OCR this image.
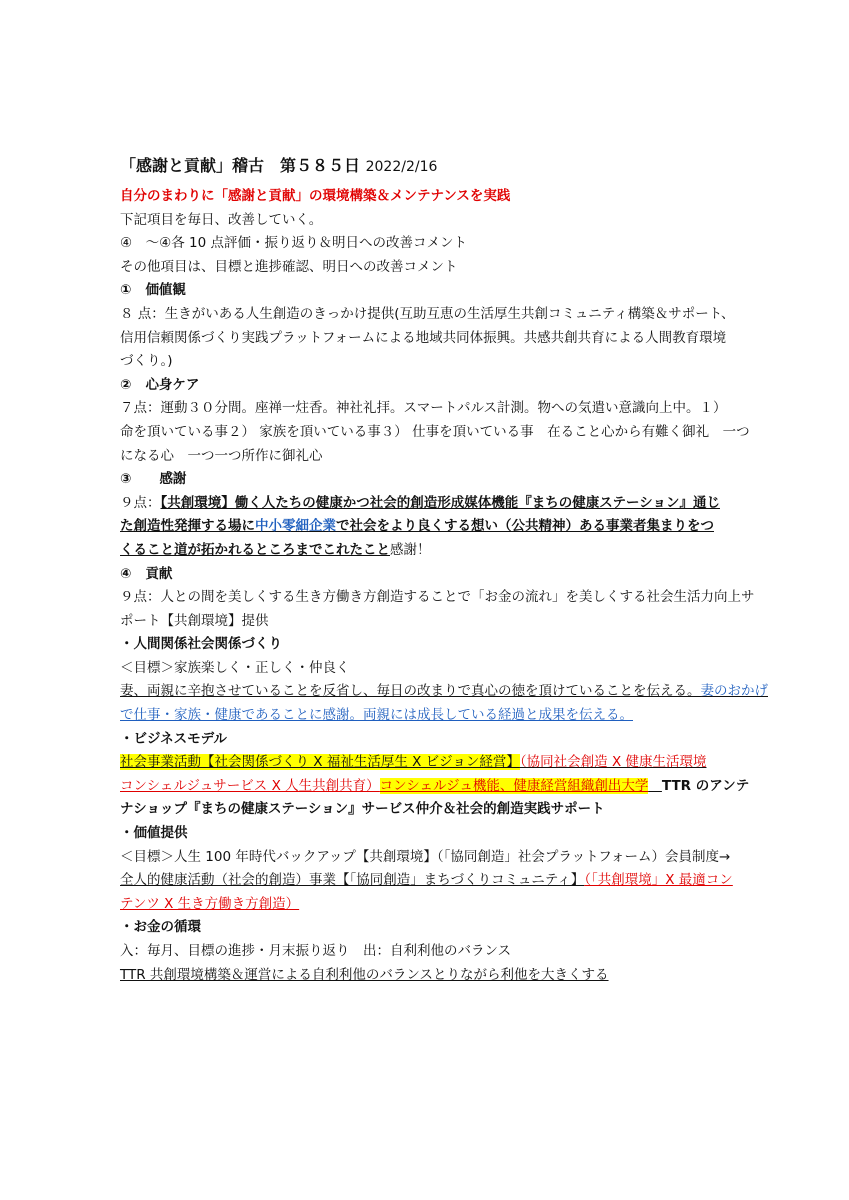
「感謝と貢献」稽古　第５８５日 2022/2/16
自分のまわりに「感謝と貢献」の環境構築＆メンテナンスを実践
下記項目を毎日、改善していく。
④　～④各 10 点評価・振り返り＆明日への改善コメント
その他項目は、目標と進捗確認、明日への改善コメント
① 価値観
８ 点：生きがいある人生創造のきっかけ提供(互助互恵の生活厚生共創コミュニティ構築＆サポート、
信用信頼関係づくり実践プラットフォームによる地域共同体振興。共感共創共育による人間教育環境
づくり。)
② 心身ケア
７点：運動３０分間。座禅一炷香。神社礼拝。スマートパルス計測。物への気遣い意識向上中。１）
命を頂いている事２） 家族を頂いている事３） 仕事を頂いている事　在ること心から有難く御礼　一つ
になる心　一つ一つ所作に御礼心
③ 感謝
９点：【共創環境】働く人たちの健康かつ社会的創造形成媒体機能『まちの健康ステーション』通じ
た創造性発揮する場に中小零細企業で社会をより良くする想い（公共精神）ある事業者集まりをつ
くること道が拓かれるところまでこれたこと感謝！
④ 貢献
９点：人との間を美しくする生き方働き方創造することで「お金の流れ」を美しくする社会生活力向上サ
ポート【共創環境】提供
・人間関係社会関係づくり
＜目標＞家族楽しく・正しく・仲良く
妻、両親に辛抱させていることを反省し、毎日の改まりで真心の徳を頂けていることを伝える。妻のおかげ
で仕事・家族・健康であることに感謝。両親には成長している経過と成果を伝える。
・ビジネスモデル
社会事業活動【社会関係づくり X 福祉生活厚生 X ビジョン経営】（協同社会創造 X 健康生活環境
コンシェルジュサービス X 人生共創共育）コンシェルジュ機能、健康経営組織創出大学　 TTR のアンテ
ナショップ『まちの健康ステーション』サービス仲介＆社会的創造実践サポート
・価値提供
＜目標＞人生 100 年時代バックアップ【共創環境】（「協同創造」社会プラットフォーム）会員制度→
全人的健康活動（社会的創造）事業【「協同創造」まちづくりコミュニティ】（「共創環境」X 最適コン
テンツ X 生き方働き方創造）
・お金の循環
入：毎月、目標の進捗・月末振り返り　出：自利利他のバランス
TTR 共創環境構築＆運営による自利利他のバランスとりながら利他を大きくする
